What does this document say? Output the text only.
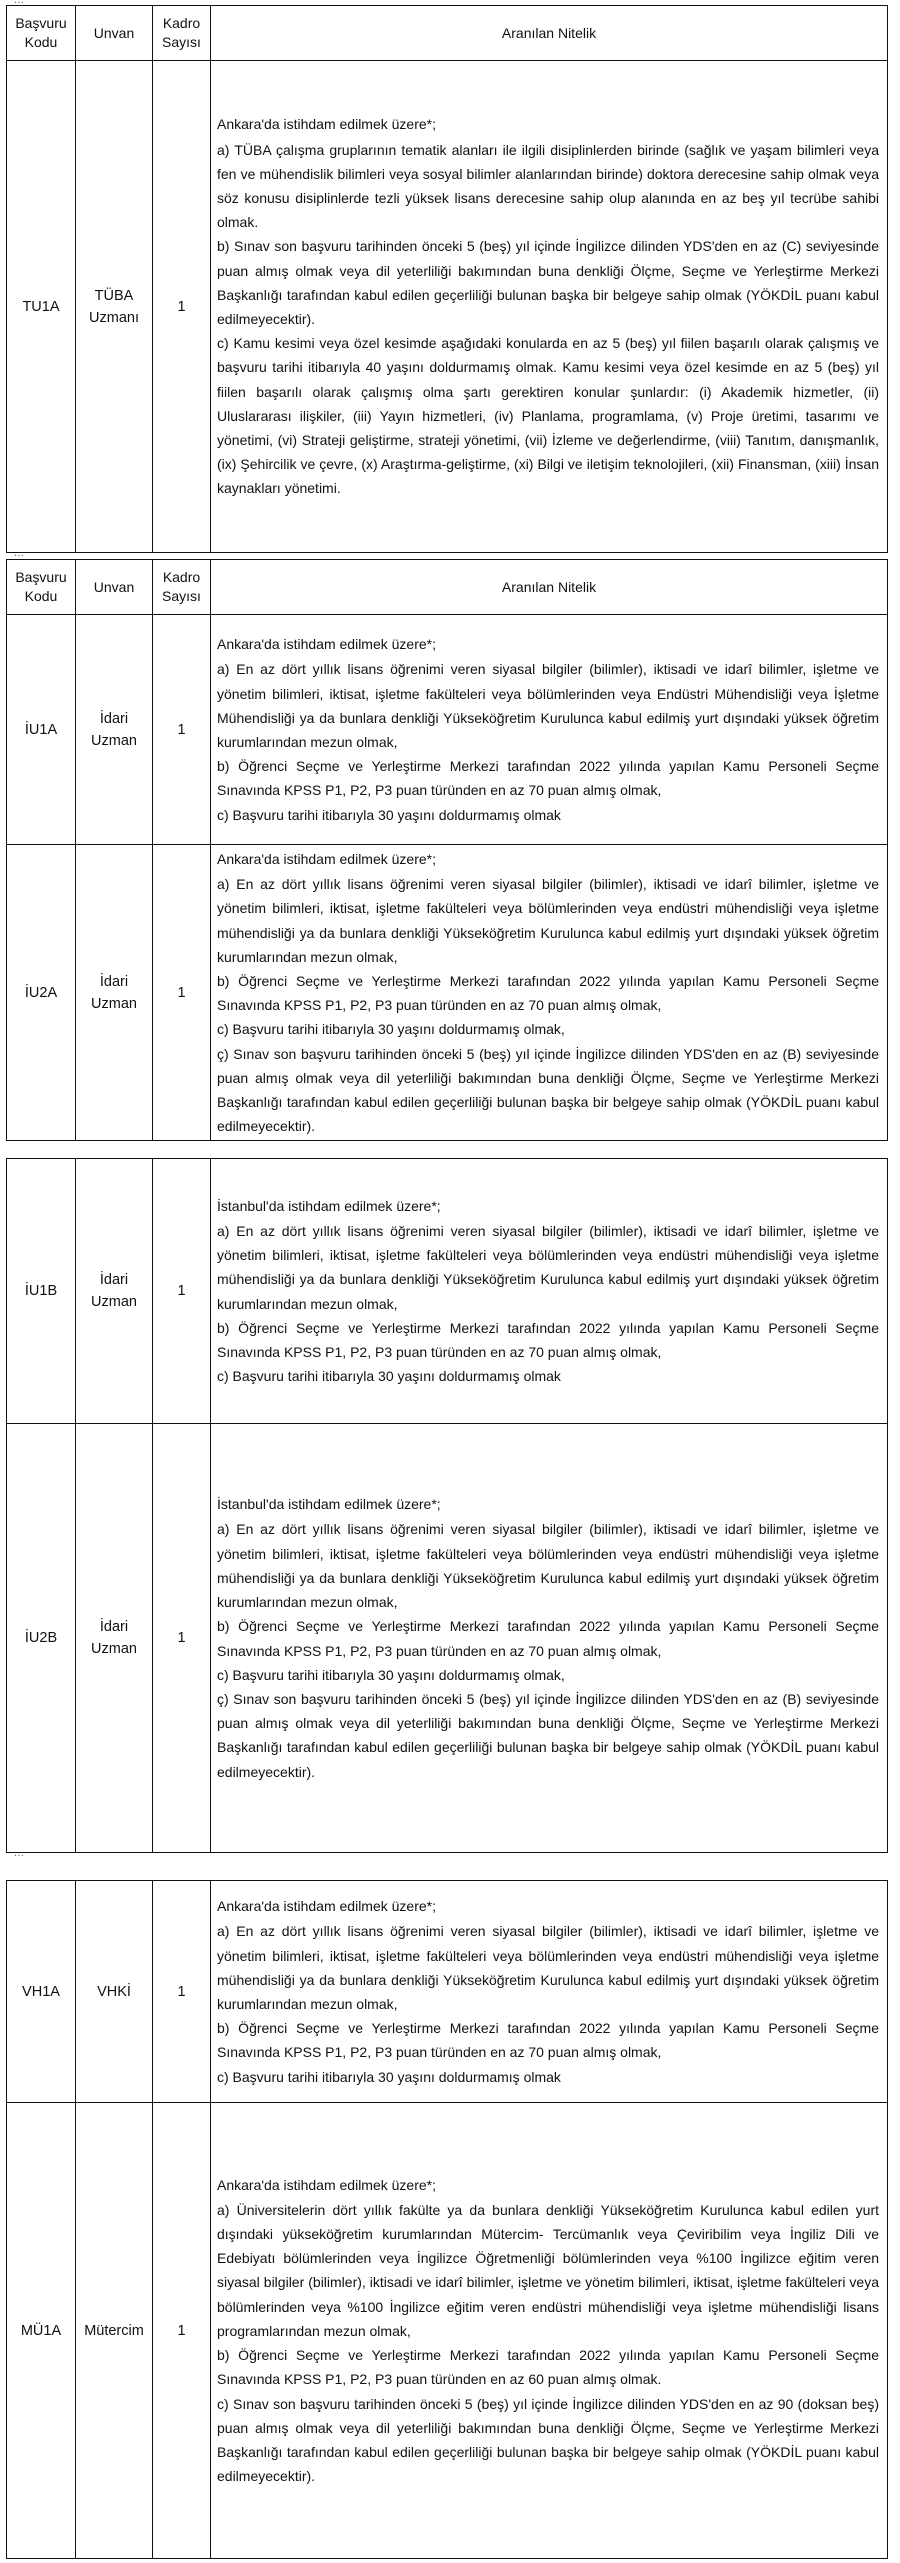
...
Başvuru Kodu	Unvan	Kadro Sayısı	Aranılan Nitelik
TU1A	TÜBA Uzmanı	1	Ankara'da istihdam edilmek üzere*;

a) TÜBA çalışma gruplarının tematik alanları ile ilgili disiplinlerden birinde (sağlık ve yaşam bilimleri veya fen ve mühendislik bilimleri veya sosyal bilimler alanlarından birinde) doktora derecesine sahip olmak veya söz konusu disiplinlerde tezli yüksek lisans derecesine sahip olup alanında en az beş yıl tecrübe sahibi olmak.

b) Sınav son başvuru tarihinden önceki 5 (beş) yıl içinde İngilizce dilinden YDS'den en az (C) seviyesinde puan almış olmak veya dil yeterliliği bakımından buna denkliği Ölçme, Seçme ve Yerleştirme Merkezi Başkanlığı tarafından kabul edilen geçerliliği bulunan başka bir belgeye sahip olmak (YÖKDİL puanı kabul edilmeyecektir).

c) Kamu kesimi veya özel kesimde aşağıdaki konularda en az 5 (beş) yıl fiilen başarılı olarak çalışmış ve başvuru tarihi itibarıyla 40 yaşını doldurmamış olmak. Kamu kesimi veya özel kesimde en az 5 (beş) yıl fiilen başarılı olarak çalışmış olma şartı gerektiren konular şunlardır: (i) Akademik hizmetler, (ii) Uluslararası ilişkiler, (iii) Yayın hizmetleri, (iv) Planlama, programlama, (v) Proje üretimi, tasarımı ve yönetimi, (vi) Strateji geliştirme, strateji yönetimi, (vii) İzleme ve değerlendirme, (viii) Tanıtım, danışmanlık, (ix) Şehircilik ve çevre, (x) Araştırma-geliştirme, (xi) Bilgi ve iletişim teknolojileri, (xii) Finansman, (xiii) İnsan kaynakları yönetimi.

...
Başvuru Kodu	Unvan	Kadro Sayısı	Aranılan Nitelik
İU1A	İdari Uzman	1	Ankara'da istihdam edilmek üzere*;

a) En az dört yıllık lisans öğrenimi veren siyasal bilgiler (bilimler), iktisadi ve idarî bilimler, işletme ve yönetim bilimleri, iktisat, işletme fakülteleri veya bölümlerinden veya Endüstri Mühendisliği veya İşletme Mühendisliği ya da bunlara denkliği Yükseköğretim Kurulunca kabul edilmiş yurt dışındaki yüksek öğretim kurumlarından mezun olmak,

b) Öğrenci Seçme ve Yerleştirme Merkezi tarafından 2022 yılında yapılan Kamu Personeli Seçme Sınavında KPSS P1, P2, P3 puan türünden en az 70 puan almış olmak,

c) Başvuru tarihi itibarıyla 30 yaşını doldurmamış olmak

İU2A	İdari Uzman	1	Ankara'da istihdam edilmek üzere*;

a) En az dört yıllık lisans öğrenimi veren siyasal bilgiler (bilimler), iktisadi ve idarî bilimler, işletme ve yönetim bilimleri, iktisat, işletme fakülteleri veya bölümlerinden veya endüstri mühendisliği veya işletme mühendisliği ya da bunlara denkliği Yükseköğretim Kurulunca kabul edilmiş yurt dışındaki yüksek öğretim kurumlarından mezun olmak,

b) Öğrenci Seçme ve Yerleştirme Merkezi tarafından 2022 yılında yapılan Kamu Personeli Seçme Sınavında KPSS P1, P2, P3 puan türünden en az 70 puan almış olmak,

c) Başvuru tarihi itibarıyla 30 yaşını doldurmamış olmak,

ç) Sınav son başvuru tarihinden önceki 5 (beş) yıl içinde İngilizce dilinden YDS'den en az (B) seviyesinde puan almış olmak veya dil yeterliliği bakımından buna denkliği Ölçme, Seçme ve Yerleştirme Merkezi Başkanlığı tarafından kabul edilen geçerliliği bulunan başka bir belgeye sahip olmak (YÖKDİL puanı kabul edilmeyecektir).

İU1B	İdari Uzman	1	İstanbul'da istihdam edilmek üzere*;

a) En az dört yıllık lisans öğrenimi veren siyasal bilgiler (bilimler), iktisadi ve idarî bilimler, işletme ve yönetim bilimleri, iktisat, işletme fakülteleri veya bölümlerinden veya endüstri mühendisliği veya işletme mühendisliği ya da bunlara denkliği Yükseköğretim Kurulunca kabul edilmiş yurt dışındaki yüksek öğretim kurumlarından mezun olmak,

b) Öğrenci Seçme ve Yerleştirme Merkezi tarafından 2022 yılında yapılan Kamu Personeli Seçme Sınavında KPSS P1, P2, P3 puan türünden en az 70 puan almış olmak,

c) Başvuru tarihi itibarıyla 30 yaşını doldurmamış olmak

İU2B	İdari Uzman	1	İstanbul'da istihdam edilmek üzere*;

a) En az dört yıllık lisans öğrenimi veren siyasal bilgiler (bilimler), iktisadi ve idarî bilimler, işletme ve yönetim bilimleri, iktisat, işletme fakülteleri veya bölümlerinden veya endüstri mühendisliği veya işletme mühendisliği ya da bunlara denkliği Yükseköğretim Kurulunca kabul edilmiş yurt dışındaki yüksek öğretim kurumlarından mezun olmak,

b) Öğrenci Seçme ve Yerleştirme Merkezi tarafından 2022 yılında yapılan Kamu Personeli Seçme Sınavında KPSS P1, P2, P3 puan türünden en az 70 puan almış olmak,

c) Başvuru tarihi itibarıyla 30 yaşını doldurmamış olmak,

ç) Sınav son başvuru tarihinden önceki 5 (beş) yıl içinde İngilizce dilinden YDS'den en az (B) seviyesinde puan almış olmak veya dil yeterliliği bakımından buna denkliği Ölçme, Seçme ve Yerleştirme Merkezi Başkanlığı tarafından kabul edilen geçerliliği bulunan başka bir belgeye sahip olmak (YÖKDİL puanı kabul edilmeyecektir).

...
VH1A	VHKİ	1	Ankara'da istihdam edilmek üzere*;

a) En az dört yıllık lisans öğrenimi veren siyasal bilgiler (bilimler), iktisadi ve idarî bilimler, işletme ve yönetim bilimleri, iktisat, işletme fakülteleri veya bölümlerinden veya endüstri mühendisliği veya işletme mühendisliği ya da bunlara denkliği Yükseköğretim Kurulunca kabul edilmiş yurt dışındaki yüksek öğretim kurumlarından mezun olmak,

b) Öğrenci Seçme ve Yerleştirme Merkezi tarafından 2022 yılında yapılan Kamu Personeli Seçme Sınavında KPSS P1, P2, P3 puan türünden en az 70 puan almış olmak,

c) Başvuru tarihi itibarıyla 30 yaşını doldurmamış olmak

MÜ1A	Mütercim	1	Ankara'da istihdam edilmek üzere*;

a) Üniversitelerin dört yıllık fakülte ya da bunlara denkliği Yükseköğretim Kurulunca kabul edilen yurt dışındaki yükseköğretim kurumlarından Mütercim- Tercümanlık veya Çeviribilim veya İngiliz Dili ve Edebiyatı bölümlerinden veya İngilizce Öğretmenliği bölümlerinden veya %100 İngilizce eğitim veren siyasal bilgiler (bilimler), iktisadi ve idarî bilimler, işletme ve yönetim bilimleri, iktisat, işletme fakülteleri veya bölümlerinden veya %100 İngilizce eğitim veren endüstri mühendisliği veya işletme mühendisliği lisans programlarından mezun olmak,

b) Öğrenci Seçme ve Yerleştirme Merkezi tarafından 2022 yılında yapılan Kamu Personeli Seçme Sınavında KPSS P1, P2, P3 puan türünden en az 60 puan almış olmak.

c) Sınav son başvuru tarihinden önceki 5 (beş) yıl içinde İngilizce dilinden YDS'den en az 90 (doksan beş) puan almış olmak veya dil yeterliliği bakımından buna denkliği Ölçme, Seçme ve Yerleştirme Merkezi Başkanlığı tarafından kabul edilen geçerliliği bulunan başka bir belgeye sahip olmak (YÖKDİL puanı kabul edilmeyecektir).
